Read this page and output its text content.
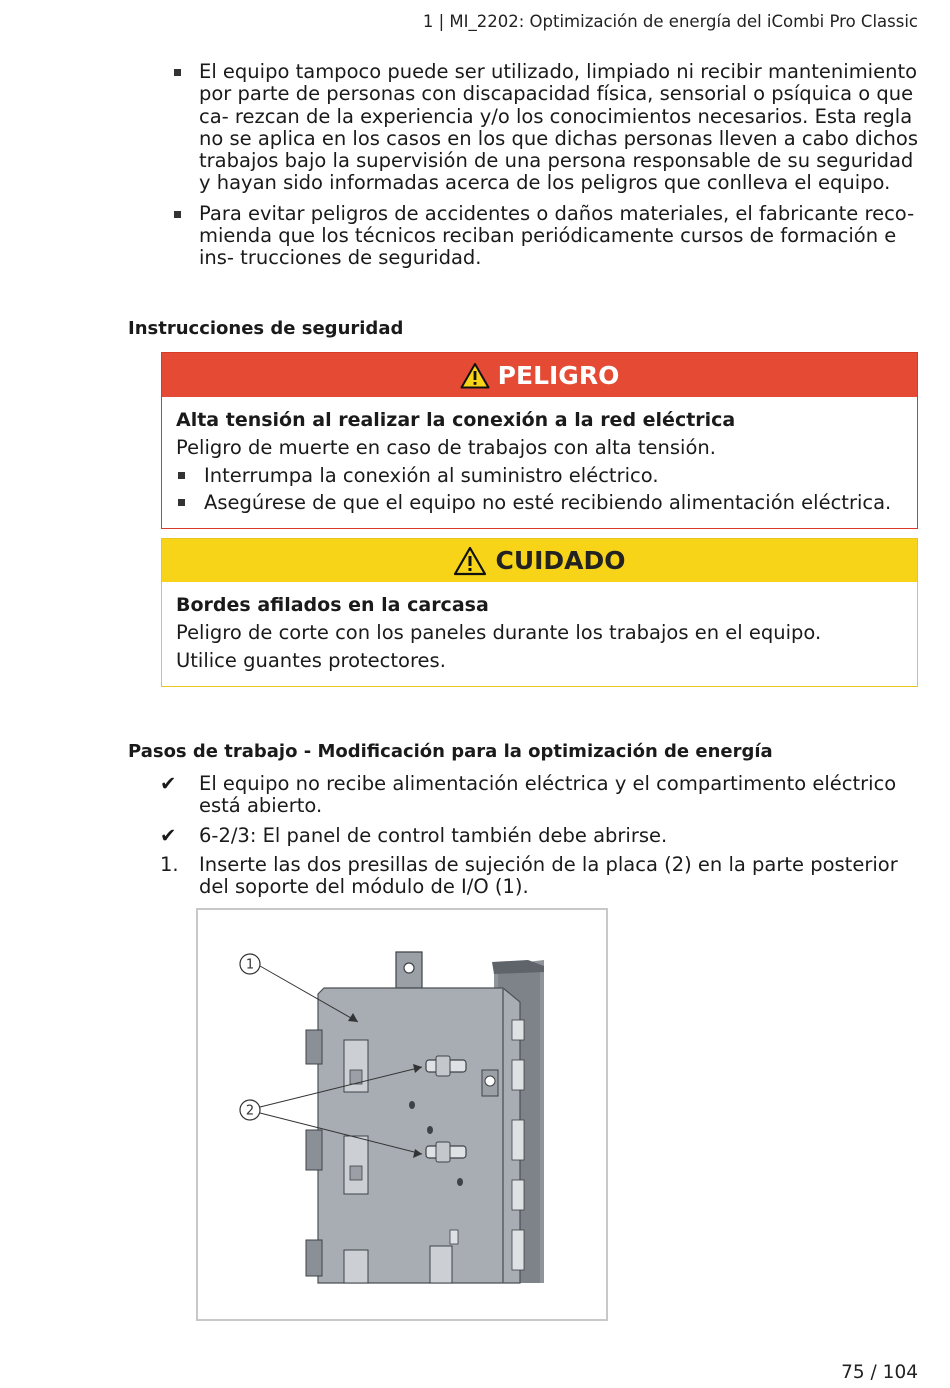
1 | MI_2202: Optimización de energía del iCombi Pro Classic
El equipo tampoco puede ser utilizado, limpiado ni recibir mantenimiento por parte de personas con discapacidad física, sensorial o psíquica o que ca- rezcan de la experiencia y/o los conocimientos necesarios. Esta regla no se aplica en los casos en los que dichas personas lleven a cabo dichos trabajos bajo la supervisión de una persona responsable de su seguridad y hayan sido informadas acerca de los peligros que conlleva el equipo.
Para evitar peligros de accidentes o daños materiales, el fabricante reco- mienda que los técnicos reciban periódicamente cursos de formación e ins- trucciones de seguridad.
Instrucciones de seguridad
PELIGRO
Alta tensión al realizar la conexión a la red eléctrica
Peligro de muerte en caso de trabajos con alta tensión.
Interrumpa la conexión al suministro eléctrico.
Asegúrese de que el equipo no esté recibiendo alimentación eléctrica.
CUIDADO
Bordes afilados en la carcasa
Peligro de corte con los paneles durante los trabajos en el equipo.
Utilice guantes protectores.
Pasos de trabajo - Modificación para la optimización de energía
✔	El equipo no recibe alimentación eléctrica y el compartimento eléctrico está abierto.
✔	6-2/3: El panel de control también debe abrirse.
1.	Inserte las dos presillas de sujeción de la placa (2) en la parte posterior del soporte del módulo de I/O (1).
1
2
75 / 104
